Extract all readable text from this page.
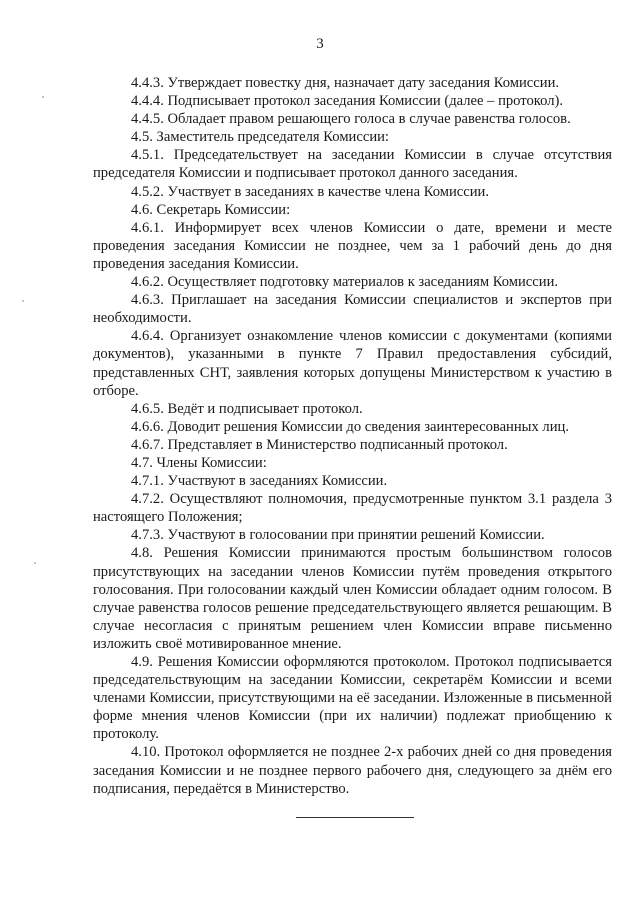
3

4.4.3. Утверждает повестку дня, назначает дату заседания Комиссии.

4.4.4. Подписывает протокол заседания Комиссии (далее – протокол).

4.4.5. Обладает правом решающего голоса в случае равенства голосов.

4.5. Заместитель председателя Комиссии:

4.5.1. Председательствует на заседании Комиссии в случае отсутствия председателя Комиссии и подписывает протокол данного заседания.

4.5.2. Участвует в заседаниях в качестве члена Комиссии.

4.6. Секретарь Комиссии:

4.6.1. Информирует всех членов Комиссии о дате, времени и месте проведения заседания Комиссии не позднее, чем за 1 рабочий день до дня проведения заседания Комиссии.

4.6.2. Осуществляет подготовку материалов к заседаниям Комиссии.

4.6.3. Приглашает на заседания Комиссии специалистов и экспертов при необходимости.

4.6.4. Организует ознакомление членов комиссии с документами (копиями документов), указанными в пункте 7 Правил предоставления субсидий, представленных СНТ, заявления которых допущены Министерством к участию в отборе.

4.6.5. Ведёт и подписывает протокол.

4.6.6. Доводит решения Комиссии до сведения заинтересованных лиц.

4.6.7. Представляет в Министерство подписанный протокол.

4.7. Члены Комиссии:

4.7.1. Участвуют в заседаниях Комиссии.

4.7.2. Осуществляют полномочия, предусмотренные пунктом 3.1 раздела 3 настоящего Положения;

4.7.3. Участвуют в голосовании при принятии решений Комиссии.

4.8. Решения Комиссии принимаются простым большинством голосов присутствующих на заседании членов Комиссии путём проведения открытого голосования. При голосовании каждый член Комиссии обладает одним голосом. В случае равенства голосов решение председательствующего является решающим. В случае несогласия с принятым решением член Комиссии вправе письменно изложить своё мотивированное мнение.

4.9. Решения Комиссии оформляются протоколом. Протокол подписывается председательствующим на заседании Комиссии, секретарём Комиссии и всеми членами Комиссии, присутствующими на её заседании. Изложенные в письменной форме мнения членов Комиссии (при их наличии) подлежат приобщению к протоколу.

4.10. Протокол оформляется не позднее 2-х рабочих дней со дня проведения заседания Комиссии и не позднее первого рабочего дня, следующего за днём его подписания, передаётся в Министерство.
